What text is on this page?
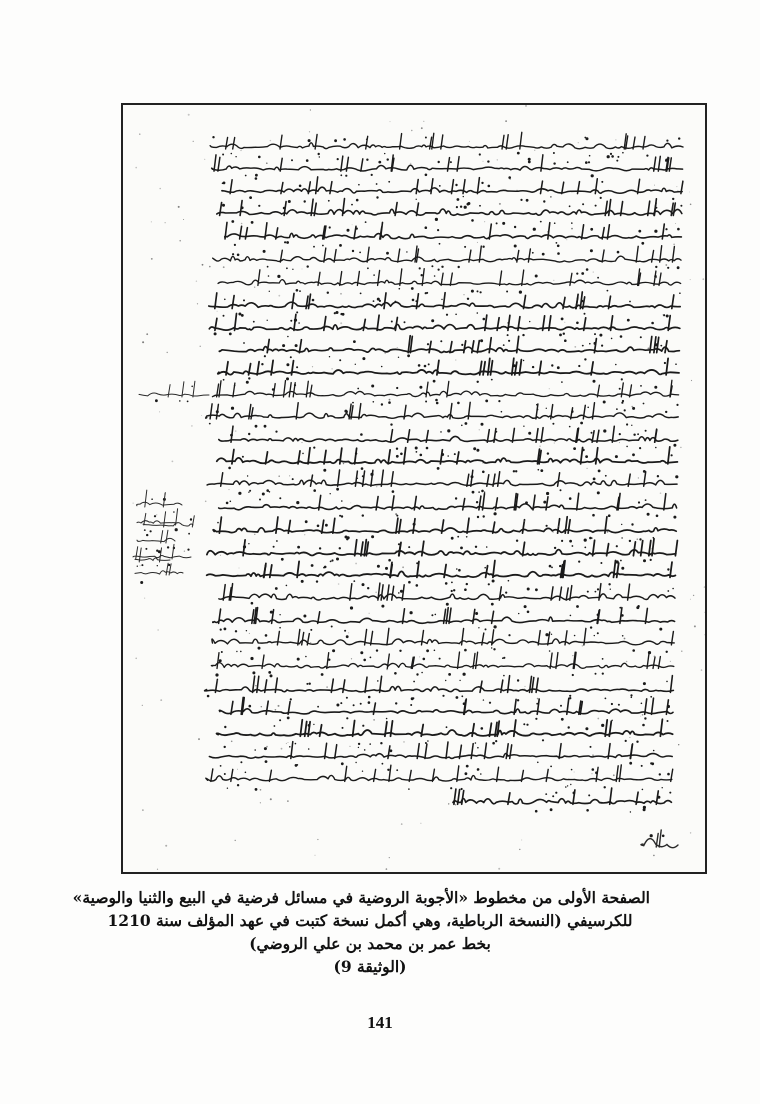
الصفحة الأولى من مخطوط «الأجوبة الروضية في مسائل فرضية في البيع والثنيا والوصية»
للكرسيفي (النسخة الرباطية، وهي أكمل نسخة كتبت في عهد المؤلف سنة 1210
بخط عمر بن محمد بن علي الروضي)
(الوثيقة 9)
141
